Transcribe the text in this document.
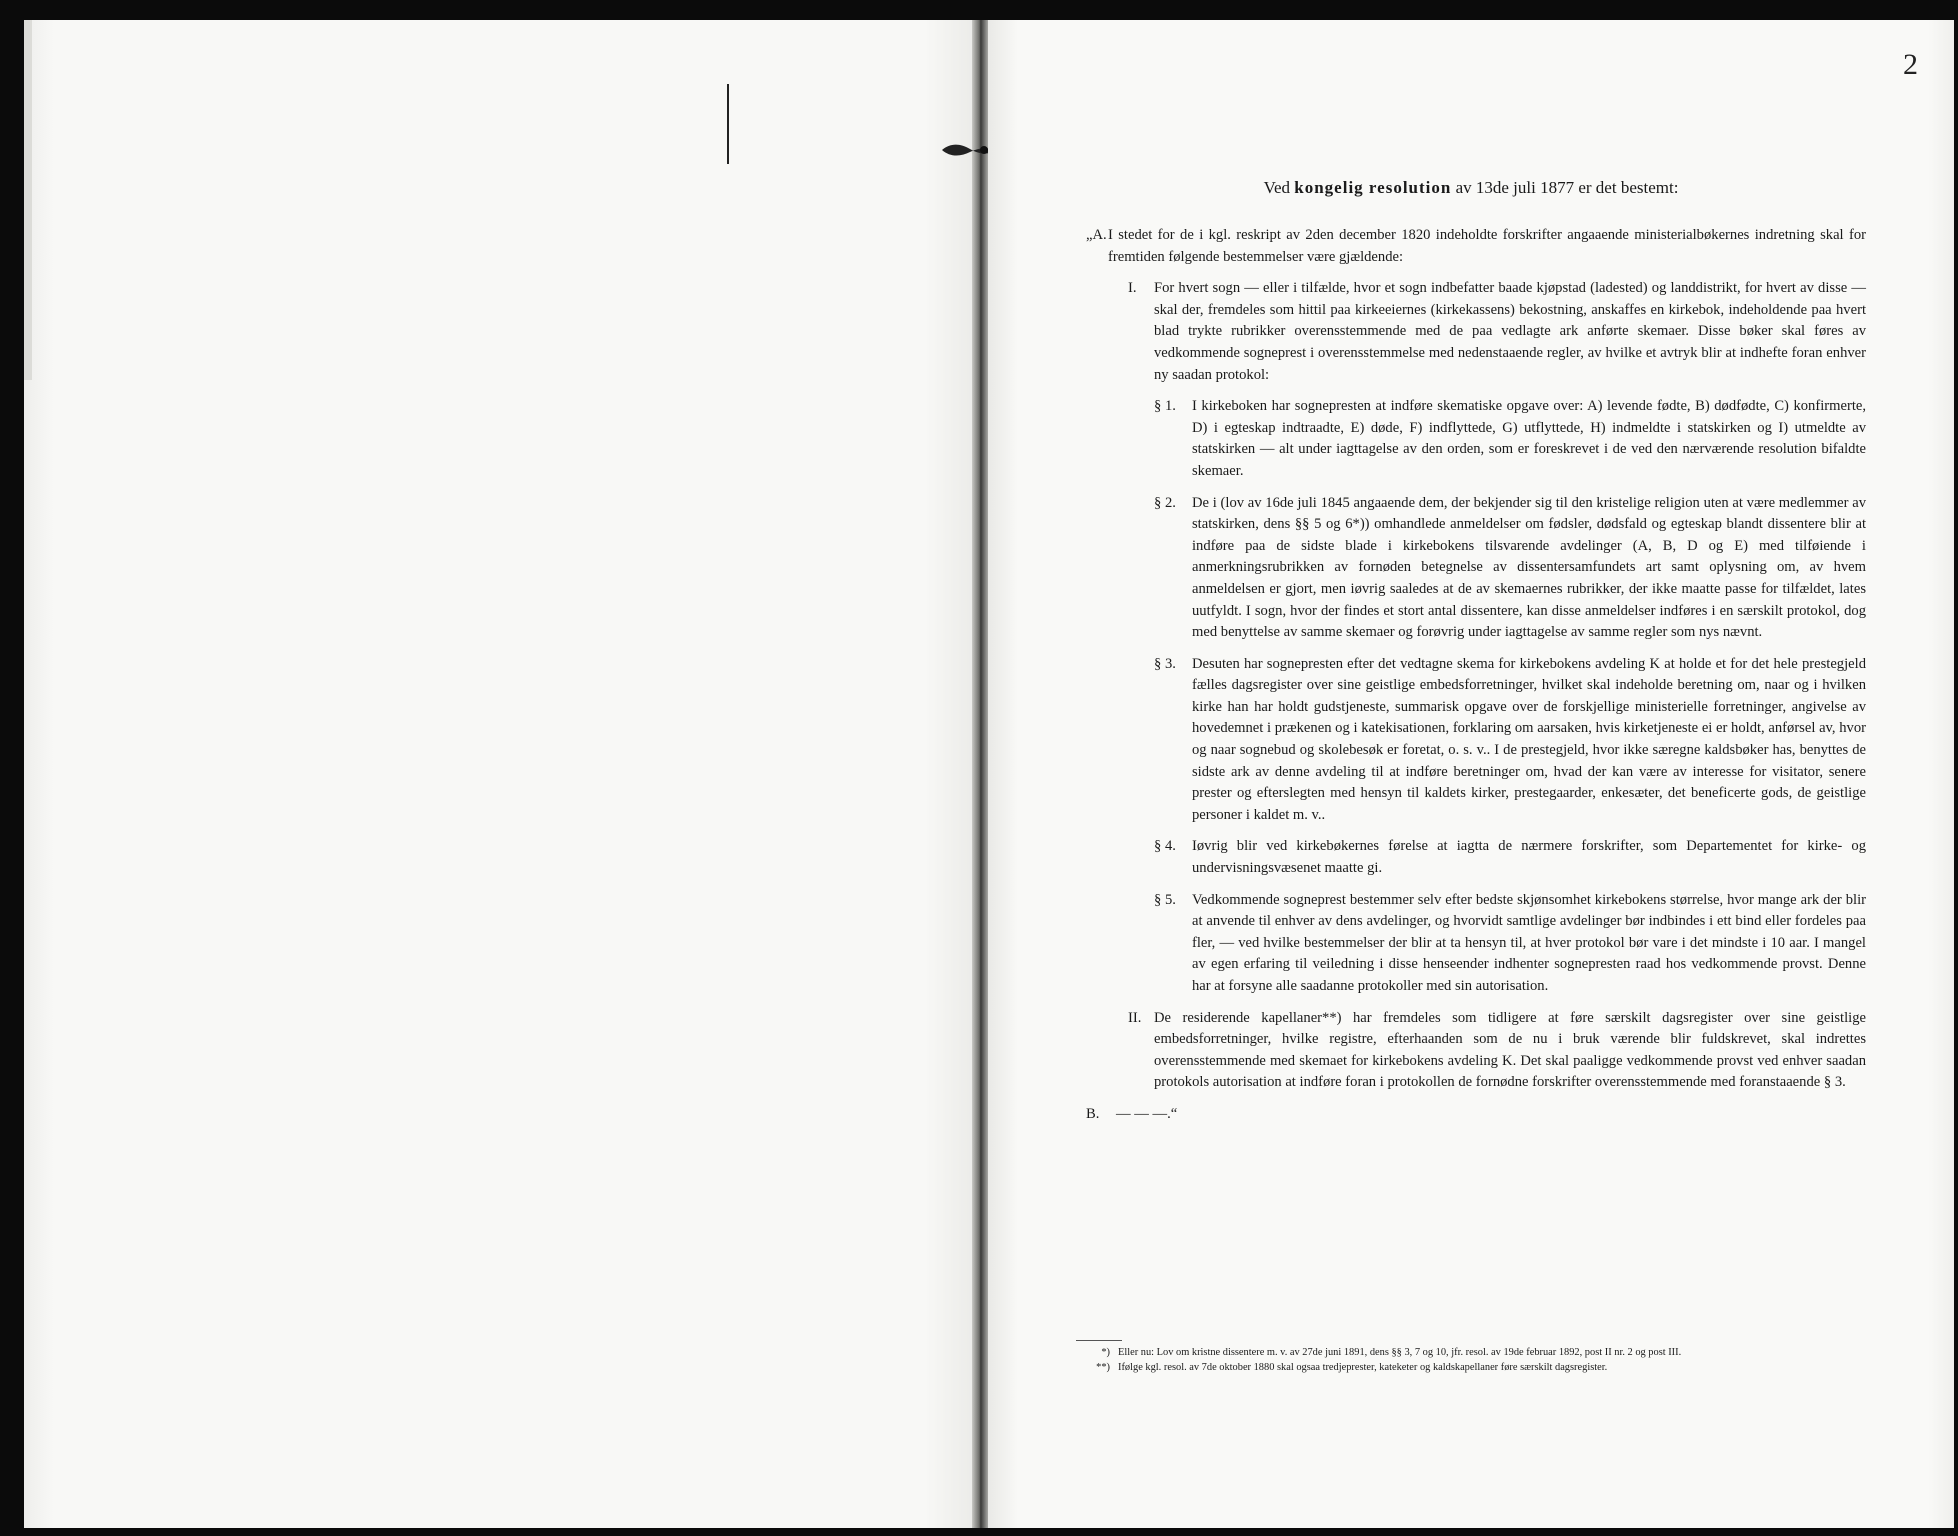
2
Ved kongelig resolution av 13de juli 1877 er det bestemt:
„A. I stedet for de i kgl. reskript av 2den december 1820 indeholdte forskrifter angaaende ministerialbøkernes indretning skal for fremtiden følgende bestemmelser være gjældende:
I.	For hvert sogn — eller i tilfælde, hvor et sogn indbefatter baade kjøpstad (ladested) og landdistrikt, for hvert av disse — skal der, fremdeles som hittil paa kirkeeiernes (kirkekassens) bekostning, anskaffes en kirkebok, indeholdende paa hvert blad trykte rubrikker overensstemmende med de paa vedlagte ark anførte skemaer. Disse bøker skal føres av vedkommende sogneprest i overensstemmelse med nedenstaaende regler, av hvilke et avtryk blir at indhefte foran enhver ny saadan protokol:
§ 1.	I kirkeboken har sognepresten at indføre skematiske opgave over: A) levende fødte, B) dødfødte, C) konfirmerte, D) i egteskap indtraadte, E) døde, F) indflyttede, G) utflyttede, H) indmeldte i statskirken og I) utmeldte av statskirken — alt under iagttagelse av den orden, som er foreskrevet i de ved den nærværende resolution bifaldte skemaer.
§ 2.	De i (lov av 16de juli 1845 angaaende dem, der bekjender sig til den kristelige religion uten at være medlemmer av statskirken, dens §§ 5 og 6*)) omhandlede anmeldelser om fødsler, dødsfald og egteskap blandt dissentere blir at indføre paa de sidste blade i kirkebokens tilsvarende avdelinger (A, B, D og E) med tilføiende i anmerkningsrubrikken av fornøden betegnelse av dissentersamfundets art samt oplysning om, av hvem anmeldelsen er gjort, men iøvrig saaledes at de av skemaernes rubrikker, der ikke maatte passe for tilfældet, lates uutfyldt. I sogn, hvor der findes et stort antal dissentere, kan disse anmeldelser indføres i en særskilt protokol, dog med benyttelse av samme skemaer og forøvrig under iagttagelse av samme regler som nys nævnt.
§ 3.	Desuten har sognepresten efter det vedtagne skema for kirkebokens avdeling K at holde et for det hele prestegjeld fælles dagsregister over sine geistlige embedsforretninger, hvilket skal indeholde beretning om, naar og i hvilken kirke han har holdt gudstjeneste, summarisk opgave over de forskjellige ministerielle forretninger, angivelse av hovedemnet i prækenen og i katekisationen, forklaring om aarsaken, hvis kirketjeneste ei er holdt, anførsel av, hvor og naar sognebud og skolebesøk er foretat, o. s. v.. I de prestegjeld, hvor ikke særegne kaldsbøker has, benyttes de sidste ark av denne avdeling til at indføre beretninger om, hvad der kan være av interesse for visitator, senere prester og efterslegten med hensyn til kaldets kirker, prestegaarder, enkesæter, det beneficerte gods, de geistlige personer i kaldet m. v..
§ 4.	Iøvrig blir ved kirkebøkernes førelse at iagtta de nærmere forskrifter, som Departementet for kirke- og undervisningsvæsenet maatte gi.
§ 5.	Vedkommende sogneprest bestemmer selv efter bedste skjønsomhet kirkebokens størrelse, hvor mange ark der blir at anvende til enhver av dens avdelinger, og hvorvidt samtlige avdelinger bør indbindes i ett bind eller fordeles paa fler, — ved hvilke bestemmelser der blir at ta hensyn til, at hver protokol bør vare i det mindste i 10 aar. I mangel av egen erfaring til veiledning i disse henseender indhenter sognepresten raad hos vedkommende provst. Denne har at forsyne alle saadanne protokoller med sin autorisation.
II. De residerende kapellaner**) har fremdeles som tidligere at føre særskilt dagsregister over sine geistlige embedsforretninger, hvilke registre, efterhaanden som de nu i bruk værende blir fuldskrevet, skal indrettes overensstemmende med skemaet for kirkebokens avdeling K. Det skal paaligge vedkommende provst ved enhver saadan protokols autorisation at indføre foran i protokollen de fornødne forskrifter overensstemmende med foranstaaende § 3.
B.	— — —.“
*) Eller nu: Lov om kristne dissentere m. v. av 27de juni 1891, dens §§ 3, 7 og 10, jfr. resol. av 19de februar 1892, post II nr. 2 og post III.
**) Ifølge kgl. resol. av 7de oktober 1880 skal ogsaa tredjeprester, kateketer og kaldskapellaner føre særskilt dagsregister.
